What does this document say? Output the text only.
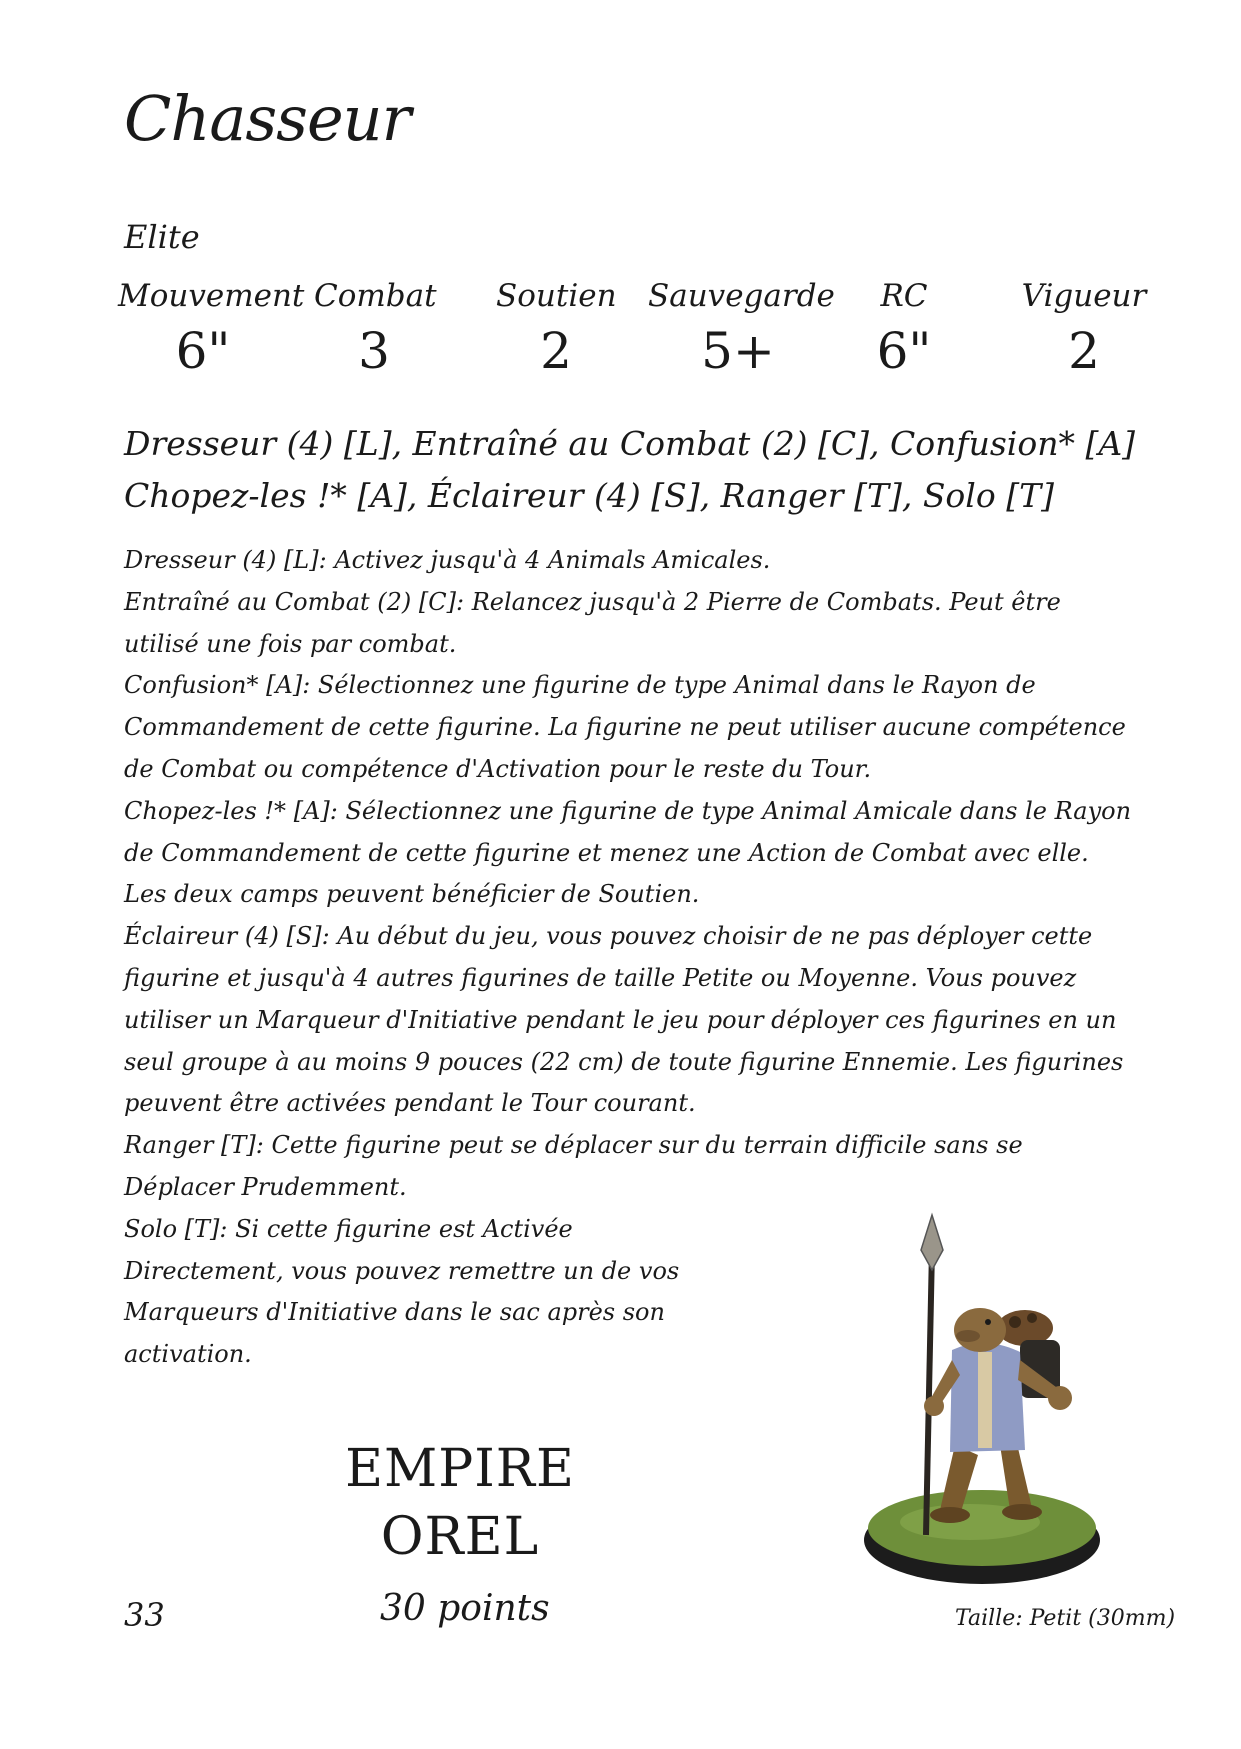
Chasseur
Elite
Mouvement
6"
Combat
3
Soutien
2
Sauvegarde
5+
RC
6"
Vigueur
2
Dresseur (4) [L], Entraîné au Combat (2) [C], Confusion* [A]
Chopez-les !* [A], Éclaireur (4) [S], Ranger [T], Solo [T]

Dresseur (4) [L]: Activez jusqu'à 4 Animals Amicales.

Entraîné au Combat (2) [C]: Relancez jusqu'à 2 Pierre de Combats. Peut être utilisé une fois par combat.

Confusion* [A]: Sélectionnez une figurine de type Animal dans le Rayon de Commandement de cette figurine. La figurine ne peut utiliser aucune compétence de Combat ou compétence d'Activation pour le reste du Tour.

Chopez-les !* [A]: Sélectionnez une figurine de type Animal Amicale dans le Rayon de Commandement de cette figurine et menez une Action de Combat avec elle. Les deux camps peuvent bénéficier de Soutien.

Éclaireur (4) [S]: Au début du jeu, vous pouvez choisir de ne pas déployer cette figurine et jusqu'à 4 autres figurines de taille Petite ou Moyenne. Vous pouvez utiliser un Marqueur d'Initiative pendant le jeu pour déployer ces figurines en un seul groupe à au moins 9 pouces (22 cm) de toute figurine Ennemie. Les figurines peuvent être activées pendant le Tour courant.

Ranger [T]: Cette figurine peut se déplacer sur du terrain difficile sans se Déplacer Prudemment.

Solo [T]: Si cette figurine est Activée Directement, vous pouvez remettre un de vos Marqueurs d'Initiative dans le sac après son activation.

EMPIRE
OREL
30 points
33	Taille: Petit (30mm)
